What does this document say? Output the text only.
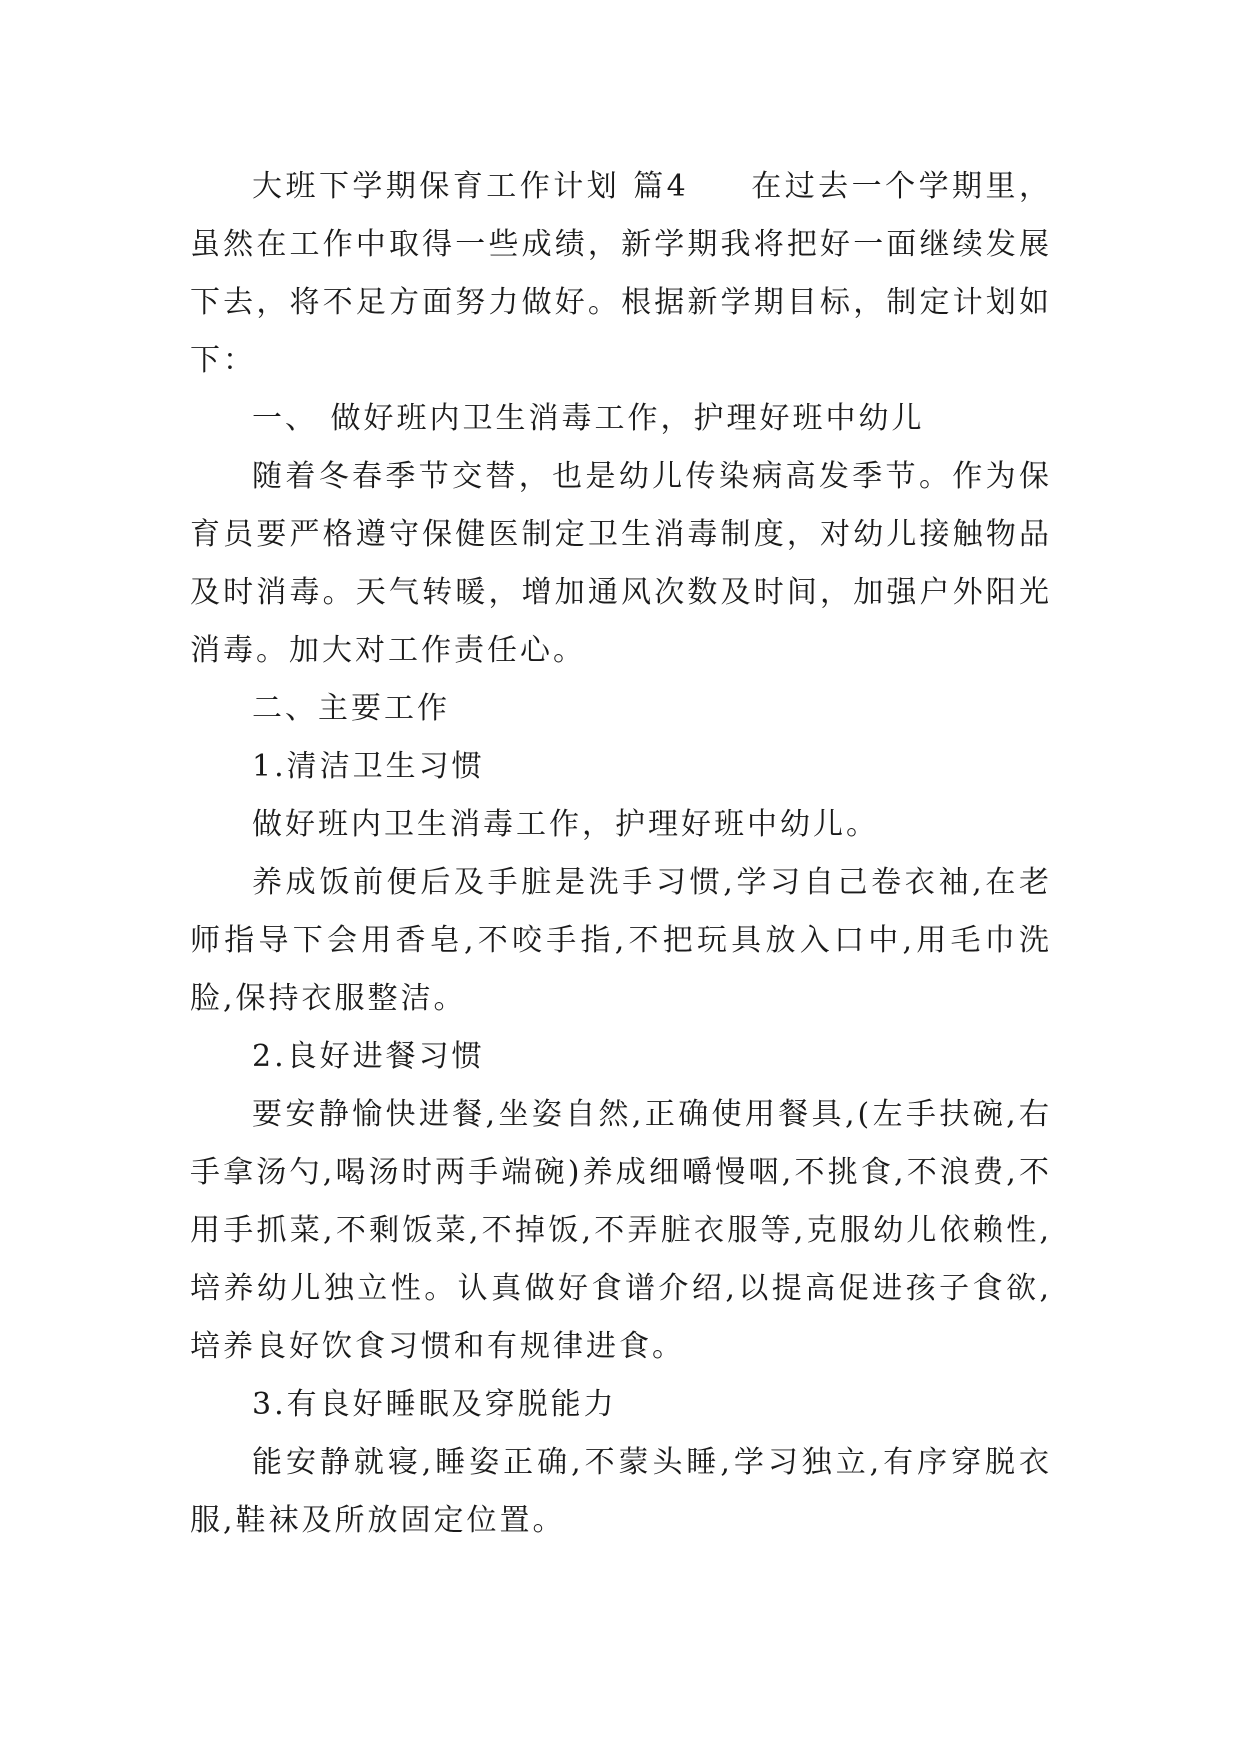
大班下学期保育工作计划 篇4 在过去一个学期里，虽然在工作中取得一些成绩，新学期我将把好一面继续发展下去，将不足方面努力做好。根据新学期目标，制定计划如下：

一、 做好班内卫生消毒工作，护理好班中幼儿

随着冬春季节交替，也是幼儿传染病高发季节。作为保育员要严格遵守保健医制定卫生消毒制度，对幼儿接触物品及时消毒。天气转暖，增加通风次数及时间，加强户外阳光消毒。加大对工作责任心。

二、主要工作

1.清洁卫生习惯

做好班内卫生消毒工作，护理好班中幼儿。

养成饭前便后及手脏是洗手习惯,学习自己卷衣袖,在老师指导下会用香皂,不咬手指,不把玩具放入口中,用毛巾洗脸,保持衣服整洁。

2.良好进餐习惯

要安静愉快进餐,坐姿自然,正确使用餐具,(左手扶碗,右手拿汤勺,喝汤时两手端碗)养成细嚼慢咽,不挑食,不浪费,不用手抓菜,不剩饭菜,不掉饭,不弄脏衣服等,克服幼儿依赖性,培养幼儿独立性。认真做好食谱介绍,以提高促进孩子食欲,培养良好饮食习惯和有规律进食。

3.有良好睡眠及穿脱能力

能安静就寝,睡姿正确,不蒙头睡,学习独立,有序穿脱衣服,鞋袜及所放固定位置。
